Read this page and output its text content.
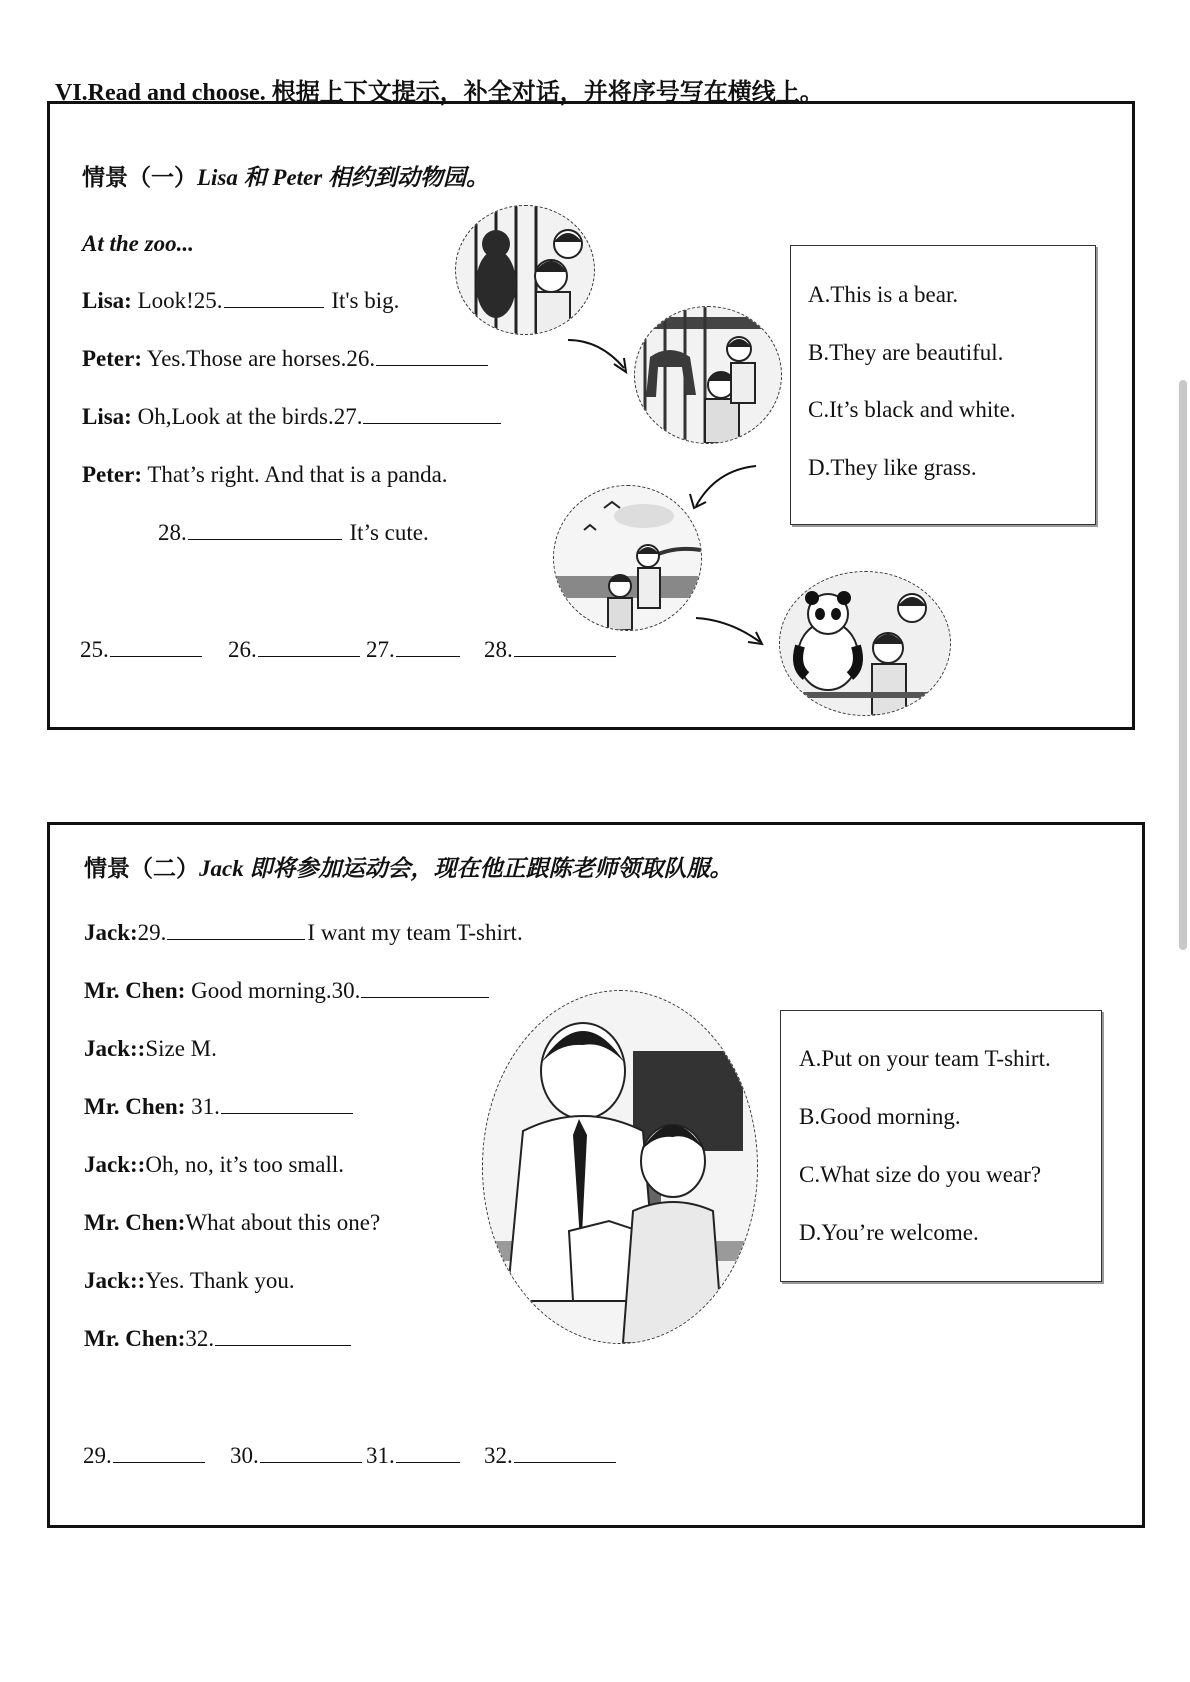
VI.Read and choose. 根据上下文提示，补全对话，并将序号写在横线上。
情景（一）Lisa 和 Peter 相约到动物园。
At the zoo...
Lisa: Look!25.	It's big.
Peter: Yes.Those are horses.26.
Lisa: Oh,Look at the birds.27.
Peter: That’s right. And that is a panda.
28.	It’s cute.
25.	26.	27.	28.
A.This is a bear.
B.They are beautiful.
C.It’s black and white.
D.They like grass.
情景（二）Jack 即将参加运动会，现在他正跟陈老师领取队服。
Jack:29.	I want my team T-shirt.
Mr. Chen: Good morning.30.
Jack::Size M.
Mr. Chen: 31.
Jack::Oh, no, it’s too small.
Mr. Chen:What about this one?
Jack::Yes. Thank you.
Mr. Chen:32.
29.	30.	31.	32.
A.Put on your team T-shirt.
B.Good morning.
C.What size do you wear?
D.You’re welcome.
